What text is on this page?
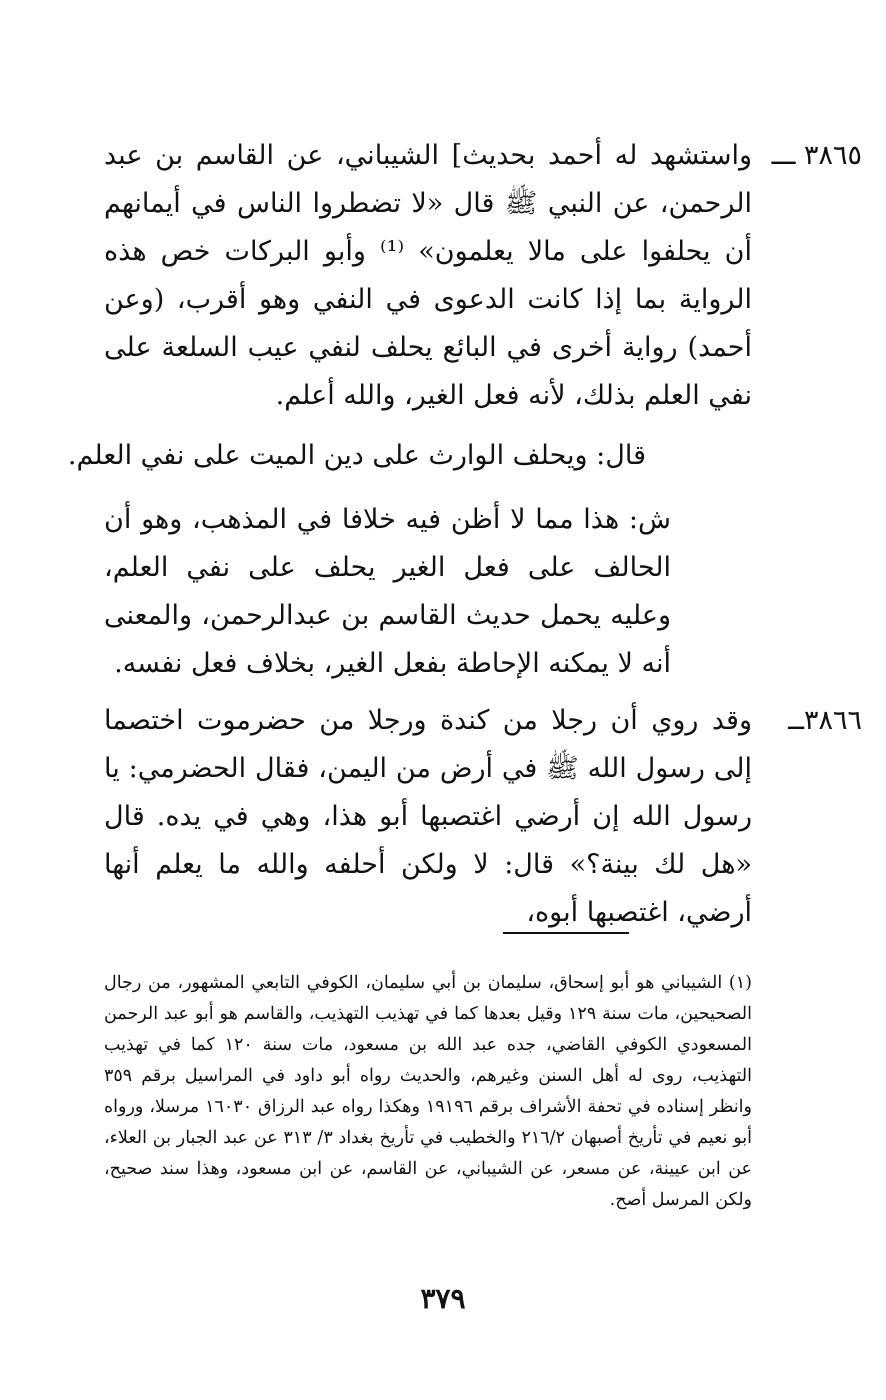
٣٨٦٥ ـــ
واستشهد له أحمد بحديث] الشيباني، عن القاسم بن عبد الرحمن، عن النبي ﷺ قال «لا تضطروا الناس في أيمانهم أن يحلفوا على مالا يعلمون» ⁽¹⁾ وأبو البركات خص هذه الرواية بما إذا كانت الدعوى في النفي وهو أقرب، (وعن أحمد) رواية أخرى في البائع يحلف لنفي عيب السلعة على نفي العلم بذلك، لأنه فعل الغير، والله أعلم.
قال: ويحلف الوارث على دين الميت على نفي العلم.
ش: هذا مما لا أظن فيه خلافا في المذهب، وهو أن الحالف على فعل الغير يحلف على نفي العلم، وعليه يحمل حديث القاسم بن عبدالرحمن، والمعنى أنه لا يمكنه الإحاطة بفعل الغير، بخلاف فعل نفسه.
٣٨٦٦ــ
وقد روي أن رجلا من كندة ورجلا من حضرموت اختصما إلى رسول الله ﷺ في أرض من اليمن، فقال الحضرمي: يا رسول الله إن أرضي اغتصبها أبو هذا، وهي في يده. قال «هل لك بينة؟» قال: لا ولكن أحلفه والله ما يعلم أنها أرضي، اغتصبها أبوه،
(١) الشيباني هو أبو إسحاق، سليمان بن أبي سليمان، الكوفي التابعي المشهور، من رجال الصحيحين، مات سنة ١٢٩ وقيل بعدها كما في تهذيب التهذيب، والقاسم هو أبو عبد الرحمن المسعودي الكوفي القاضي، جده عبد الله بن مسعود، مات سنة ١٢٠ كما في تهذيب التهذيب، روى له أهل السنن وغيرهم، والحديث رواه أبو داود في المراسيل برقم ٣٥٩ وانظر إسناده في تحفة الأشراف برقم ١٩١٩٦ وهكذا رواه عبد الرزاق ١٦٠٣٠ مرسلا، ورواه أبو نعيم في تأريخ أصبهان ٢١٦/٢ والخطيب في تأريخ بغداد ٣/ ٣١٣ عن عبد الجبار بن العلاء، عن ابن عيينة، عن مسعر، عن الشيباني، عن القاسم، عن ابن مسعود، وهذا سند صحيح، ولكن المرسل أصح.
٣٧٩
